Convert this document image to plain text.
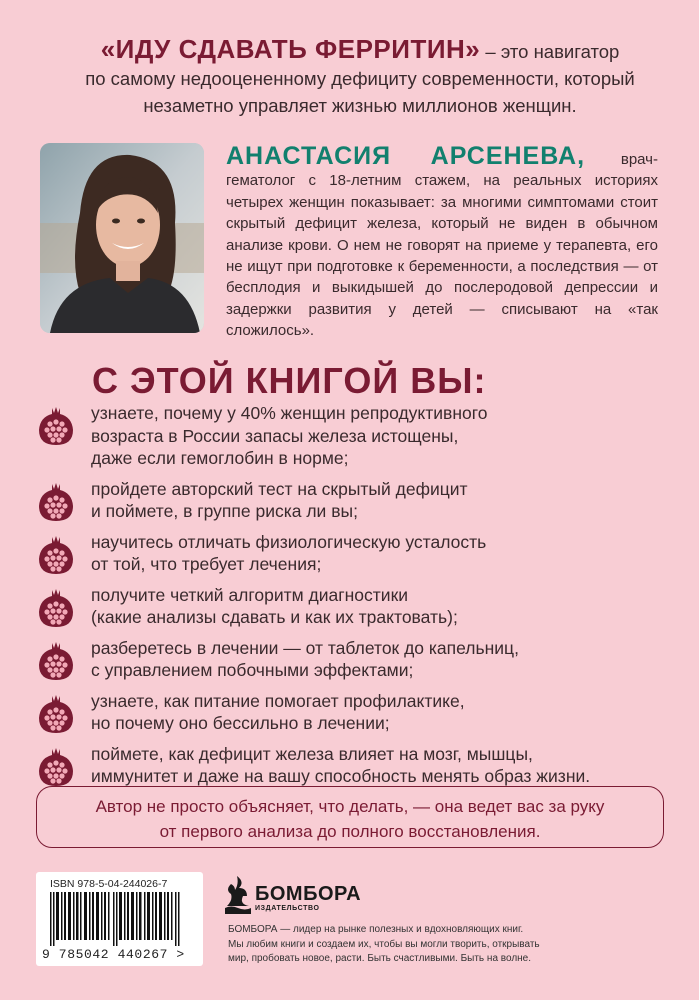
«ИДУ СДАВАТЬ ФЕРРИТИН» – это навигатор
по самому недооцененному дефициту современности, который
незаметно управляет жизнью миллионов женщин.
АНАСТАСИЯ АРСЕНЕВА, врач-гематолог с 18-летним стажем, на реальных историях четырех женщин показывает: за многими симптомами стоит скрытый дефицит железа, который не виден в обычном анализе крови. О нем не говорят на приеме у терапевта, его не ищут при подготовке к беременности, а последствия — от бесплодия и выкидышей до послеродовой депрессии и задержки развития у детей — списывают на «так сложилось».
С ЭТОЙ КНИГОЙ ВЫ:
узнаете, почему у 40% женщин репродуктивного
возраста в России запасы железа истощены,
даже если гемоглобин в норме;
пройдете авторский тест на скрытый дефицит
и поймете, в группе риска ли вы;
научитесь отличать физиологическую усталость
от той, что требует лечения;
получите четкий алгоритм диагностики
(какие анализы сдавать и как их трактовать);
разберетесь в лечении — от таблеток до капельниц,
с управлением побочными эффектами;
узнаете, как питание помогает профилактике,
но почему оно бессильно в лечении;
поймете, как дефицит железа влияет на мозг, мышцы,
иммунитет и даже на вашу способность менять образ жизни.
Автор не просто объясняет, что делать, — она ведет вас за руку
от первого анализа до полного восстановления.
ISBN 978-5-04-244026-7
9 785042 440267 >
БОМБОРА
ИЗДАТЕЛЬСТВО
БОМБОРА — лидер на рынке полезных и вдохновляющих книг.
Мы любим книги и создаем их, чтобы вы могли творить, открывать
мир, пробовать новое, расти. Быть счастливыми. Быть на волне.
